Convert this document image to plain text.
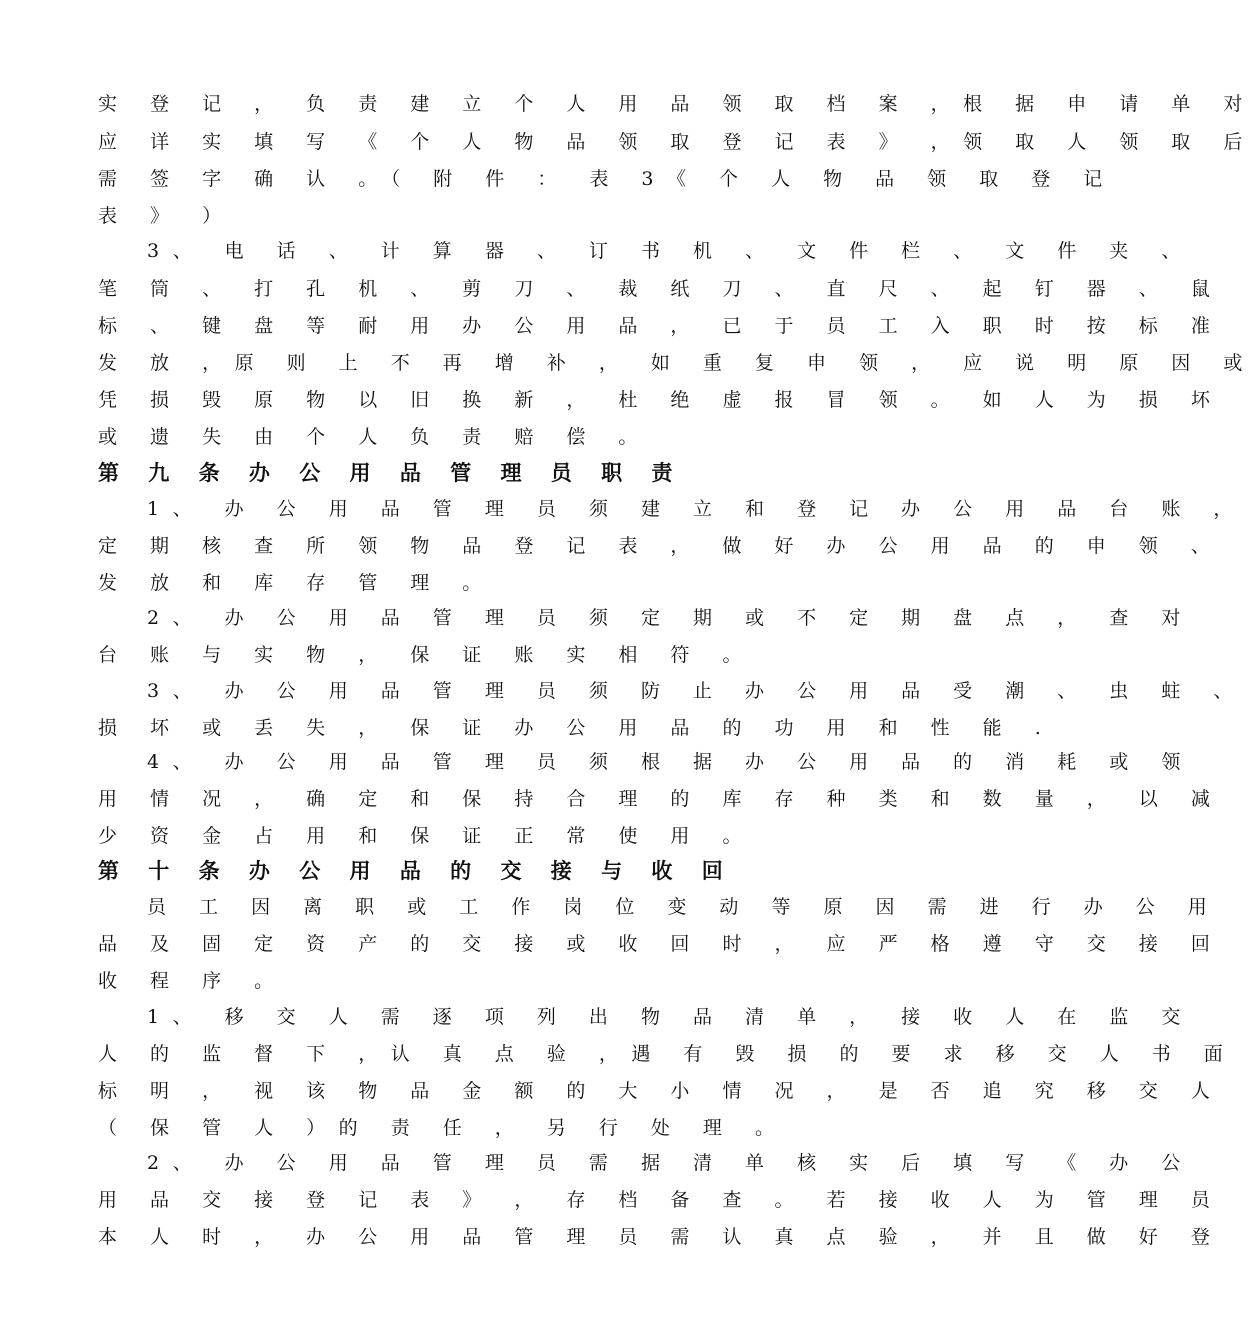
实 登 记 ， 负 责 建 立 个 人 用 品 领 取 档 案 ，根 据 申 请 单 对
应 详 实 填 写 《 个 人 物 品 领 取 登 记 表 》 ，领 取 人 领 取 后
需 签 字 确 认 。（ 附 件 ： 表 3《 个 人 物 品 领 取 登 记
表 》 ）
3、 电 话 、 计 算 器 、 订 书 机 、 文 件 栏 、 文 件 夹 、
笔 筒 、 打 孔 机 、 剪 刀 、 裁 纸 刀 、 直 尺 、 起 钉 器 、 鼠
标 、 键 盘 等 耐 用 办 公 用 品 ， 已 于 员 工 入 职 时 按 标 准
发 放 ，原 则 上 不 再 增 补 ， 如 重 复 申 领 ， 应 说 明 原 因 或
凭 损 毁 原 物 以 旧 换 新 ， 杜 绝 虚 报 冒 领 。 如 人 为 损 坏
或 遗 失 由 个 人 负 责 赔 偿 。
第 九 条 办 公 用 品 管 理 员 职 责
1、 办 公 用 品 管 理 员 须 建 立 和 登 记 办 公 用 品 台 账 ，
定 期 核 查 所 领 物 品 登 记 表 ， 做 好 办 公 用 品 的 申 领 、
发 放 和 库 存 管 理 。
2、 办 公 用 品 管 理 员 须 定 期 或 不 定 期 盘 点 ， 查 对
台 账 与 实 物 ， 保 证 账 实 相 符 。
3、 办 公 用 品 管 理 员 须 防 止 办 公 用 品 受 潮 、 虫 蛀 、
损 坏 或 丢 失 ， 保 证 办 公 用 品 的 功 用 和 性 能 .
4、 办 公 用 品 管 理 员 须 根 据 办 公 用 品 的 消 耗 或 领
用 情 况 ， 确 定 和 保 持 合 理 的 库 存 种 类 和 数 量 ， 以 减
少 资 金 占 用 和 保 证 正 常 使 用 。
第 十 条 办 公 用 品 的 交 接 与 收 回
员 工 因 离 职 或 工 作 岗 位 变 动 等 原 因 需 进 行 办 公 用
品 及 固 定 资 产 的 交 接 或 收 回 时 ， 应 严 格 遵 守 交 接 回
收 程 序 。
1、 移 交 人 需 逐 项 列 出 物 品 清 单 ， 接 收 人 在 监 交
人 的 监 督 下 ，认 真 点 验 ，遇 有 毁 损 的 要 求 移 交 人 书 面
标 明 ， 视 该 物 品 金 额 的 大 小 情 况 ， 是 否 追 究 移 交 人
（ 保 管 人 ）的 责 任 ， 另 行 处 理 。
2、 办 公 用 品 管 理 员 需 据 清 单 核 实 后 填 写 《 办 公
用 品 交 接 登 记 表 》 ， 存 档 备 查 。 若 接 收 人 为 管 理 员
本 人 时 ， 办 公 用 品 管 理 员 需 认 真 点 验 ， 并 且 做 好 登
